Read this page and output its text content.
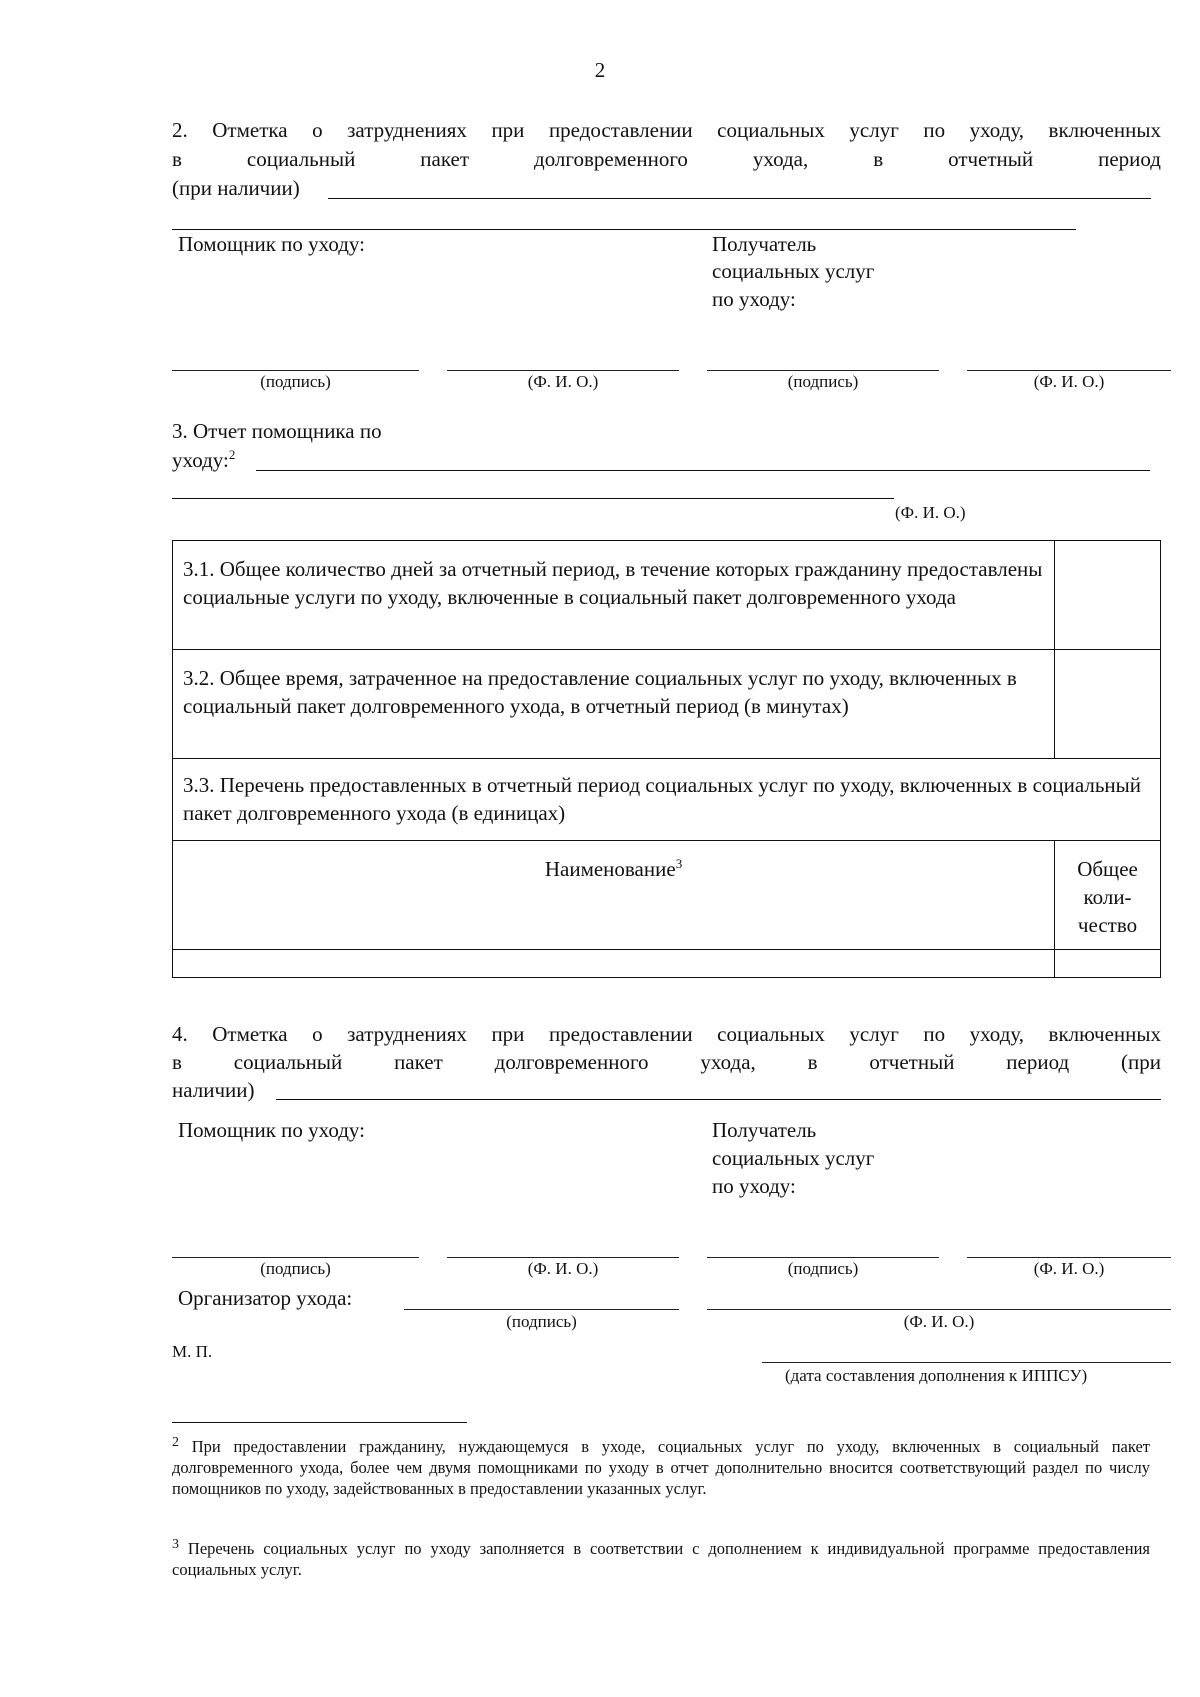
2
2. Отметка о затруднениях при предоставлении социальных услуг по уходу, включенных
в социальный пакет долговременного ухода, в отчетный период
(при наличии)
Помощник по уходу:	Получатель
социальных услуг
по уходу:
(подпись)	(Ф. И. О.)	(подпись)	(Ф. И. О.)
3. Отчет помощника по
уходу:$^2$
(Ф. И. О.)
3.1. Общее количество дней за отчетный период, в течение которых гражданину предоставлены социальные услуги по уходу, включенные в социальный пакет долговременного ухода	
3.2. Общее время, затраченное на предоставление социальных услуг по уходу, включенных в социальный пакет долговременного ухода, в отчетный период (в минутах)	
3.3. Перечень предоставленных в отчетный период социальных услуг по уходу, включенных в социальный пакет долговременного ухода (в единицах)	
Наименование$^3$	Общее
коли-
чество

4. Отметка о затруднениях при предоставлении социальных услуг по уходу, включенных
в социальный пакет долговременного ухода, в отчетный период (при
наличии)
Помощник по уходу:	Получатель
социальных услуг
по уходу:
(подпись)	(Ф. И. О.)	(подпись)	(Ф. И. О.)
Организатор ухода:
(подпись)	(Ф. И. О.)
М. П.
(дата составления дополнения к ИППСУ)
$^2$ При предоставлении гражданину, нуждающемуся в уходе, социальных услуг по уходу, включенных в социальный пакет долговременного ухода, более чем двумя помощниками по уходу в отчет дополнительно вносится соответствующий раздел по числу помощников по уходу, задействованных в предоставлении указанных услуг.
$^3$ Перечень социальных услуг по уходу заполняется в соответствии с дополнением к индивидуальной программе предоставления социальных услуг.
